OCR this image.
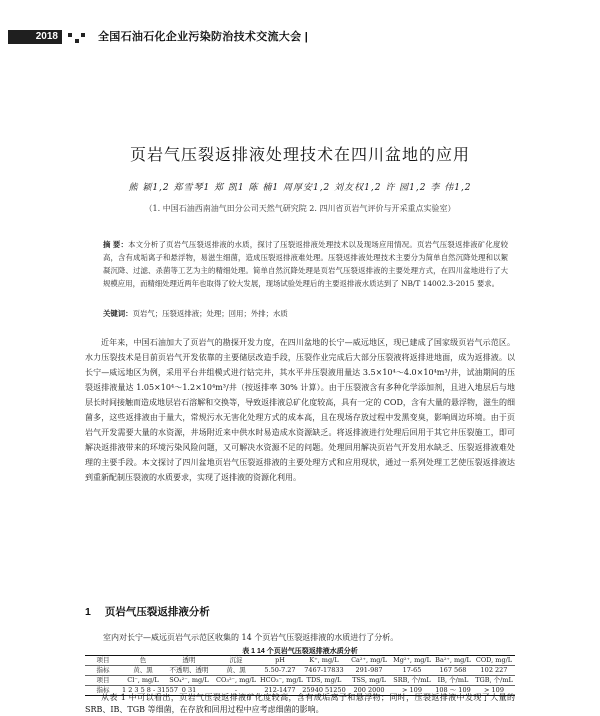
2018	全国石油石化企业污染防治技术交流大会 |
页岩气压裂返排液处理技术在四川盆地的应用
熊 颖1,2 郑雪琴1 郑 凯1 陈 楠1 周厚安1,2 刘友权1,2 许 园1,2 李 伟1,2
（1. 中国石油西南油气田分公司天然气研究院 2. 四川省页岩气评价与开采重点实验室）
摘 要：本文分析了页岩气压裂返排液的水质，探讨了压裂返排液处理技术以及现场应用情况。页岩气压裂返排液矿化度较高，含有成垢离子和悬浮物，易滋生细菌，造成压裂返排液难处理。压裂返排液处理技术主要分为简单自然沉降处理和以絮凝沉降、过滤、杀菌等工艺为主的精细处理。简单自然沉降处理是页岩气压裂返排液的主要处理方式，在四川盆地进行了大规模应用，而精细处理近两年也取得了较大发展，现场试验处理后的主要返排液水质达到了 NB/T 14002.3-2015 要求。
关键词：页岩气；压裂返排液；处理；回用；外排；水质
近年来，中国石油加大了页岩气的勘探开发力度，在四川盆地的长宁—威远地区，现已建成了国家级页岩气示范区。水力压裂技术是目前页岩气开发依靠的主要储层改造手段，压裂作业完成后大部分压裂液将返排进地面，成为返排液。以长宁—威远地区为例，采用平台井组模式进行钻完井，其水平井压裂液用量达 3.5×10⁴～4.0×10⁴m³/井，试油期间的压裂返排液量达 1.05×10⁴～1.2×10⁴m³/井（按返排率 30% 计算）。由于压裂液含有多种化学添加剂，且进入地层后与地层长时间接触而造成地层岩石溶解和交换等，导致返排液总矿化度较高，具有一定的 COD，含有大量的悬浮物，滋生的细菌多，这些返排液由于量大，常规污水无害化处理方式的成本高，且在现场存放过程中发黑变臭，影响周边环境。由于页岩气开发需要大量的水资源，井场附近来中供水时易造成水资源缺乏。将返排液进行处理后回用于其它井压裂施工，即可解决返排液带来的环境污染风险问题，又可解决水资源不足的问题。处理回用解决页岩气开发用水缺乏、压裂返排液难处理的主要手段。本文探讨了四川盆地页岩气压裂返排液的主要处理方式和应用现状，通过一系列处理工艺使压裂返排液达到重新配制压裂液的水质要求，实现了返排液的资源化利用。
1 页岩气压裂返排液分析
室内对长宁—威远页岩气示范区收集的 14 个页岩气压裂返排液的水质进行了分析。
表 1 14 个页岩气压裂返排液水质分析
项目	色	透明	沉淀	pH	K⁺, mg/L	Ca²⁺, mg/L	Mg²⁺, mg/L	Ba²⁺, mg/L	COD, mg/L
指标	黄、黑	不透明、透明	黄、黑	5.50-7.27	7467-17833	291-987	17-65	167 568	102 227
项目	Cl⁻, mg/L	SO₄²⁻, mg/L	CO₃²⁻, mg/L	HCO₃⁻, mg/L	TDS, mg/L	TSS, mg/L	SRB, 个/mL	IB, 个/mL	TGB, 个/mL
指标	1 2 3 5 8 - 31557	0 31	-	212-1477	25940 51250	200 2000	> 109	108 ～ 109	> 109
从表 1 中可以看出，页岩气压裂返排液矿化度较高，含有成垢离子和悬浮物；同时，压裂返排液中发现了大量的 SRB、IB、TGB 等细菌，在存放和回用过程中应考虑细菌的影响。
